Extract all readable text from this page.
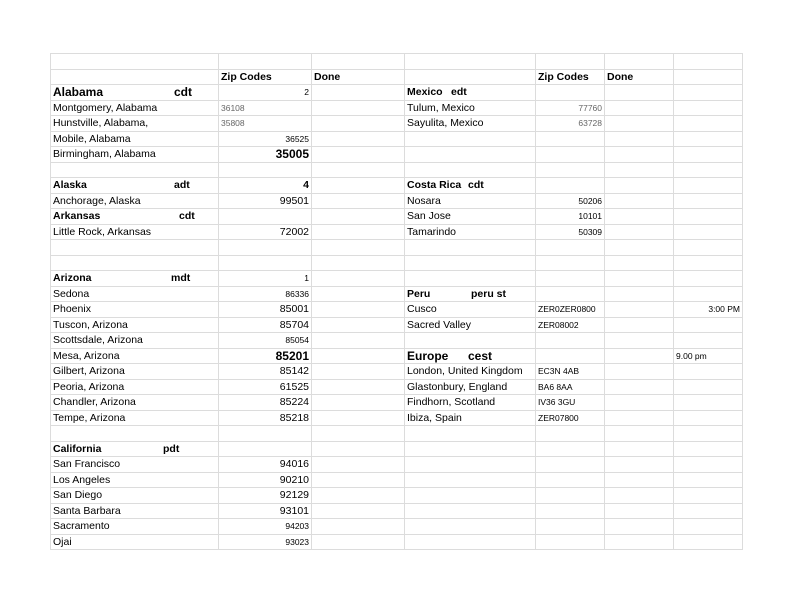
	Zip Codes	Done		Zip Codes	Done	

Alabama cdt	2		Mexico edt			

Montgomery, Alabama	36108		Tulum, Mexico	77760		

Hunstville, Alabama,	35808		Sayulita, Mexico	63728		

Mobile, Alabama	36525					

Birmingham, Alabama	35005					

Alaska adt	4		Costa Rica cdt			

Anchorage, Alaska	99501		Nosara	50206		

Arkansas cdt			San Jose	10101		

Little Rock, Arkansas	72002		Tamarindo	50309		

Arizona mdt	1					

Sedona	86336		Peru peru st			

Phoenix	85001		Cusco	ZER0ZER0800		3:00 PM

Tuscon, Arizona	85704		Sacred Valley	ZER08002		

Scottsdale, Arizona	85054					

Mesa, Arizona	85201		Europe cest			9.00 pm

Gilbert, Arizona	85142		London, United Kingdom	EC3N 4AB		

Peoria, Arizona	61525		Glastonbury, England	BA6 8AA		

Chandler, Arizona	85224		Findhorn, Scotland	IV36 3GU		

Tempe, Arizona	85218		Ibiza, Spain	ZER07800		

California pdt						

San Francisco	94016					

Los Angeles	90210					

San Diego	92129					

Santa Barbara	93101					

Sacramento	94203					

Ojai	93023					
